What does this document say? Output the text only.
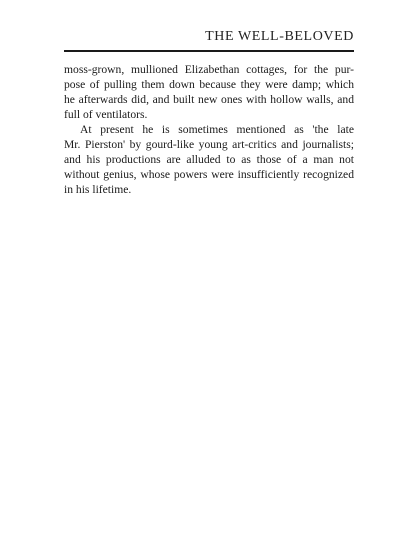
THE WELL-BELOVED
moss-grown, mullioned Elizabethan cottages, for the pur-
pose of pulling them down because they were damp; which
he afterwards did, and built new ones with hollow walls, and
full of ventilators.
At present he is sometimes mentioned as 'the late
Mr. Pierston' by gourd-like young art-critics and journalists;
and his productions are alluded to as those of a man not
without genius, whose powers were insufficiently recognized
in his lifetime.
